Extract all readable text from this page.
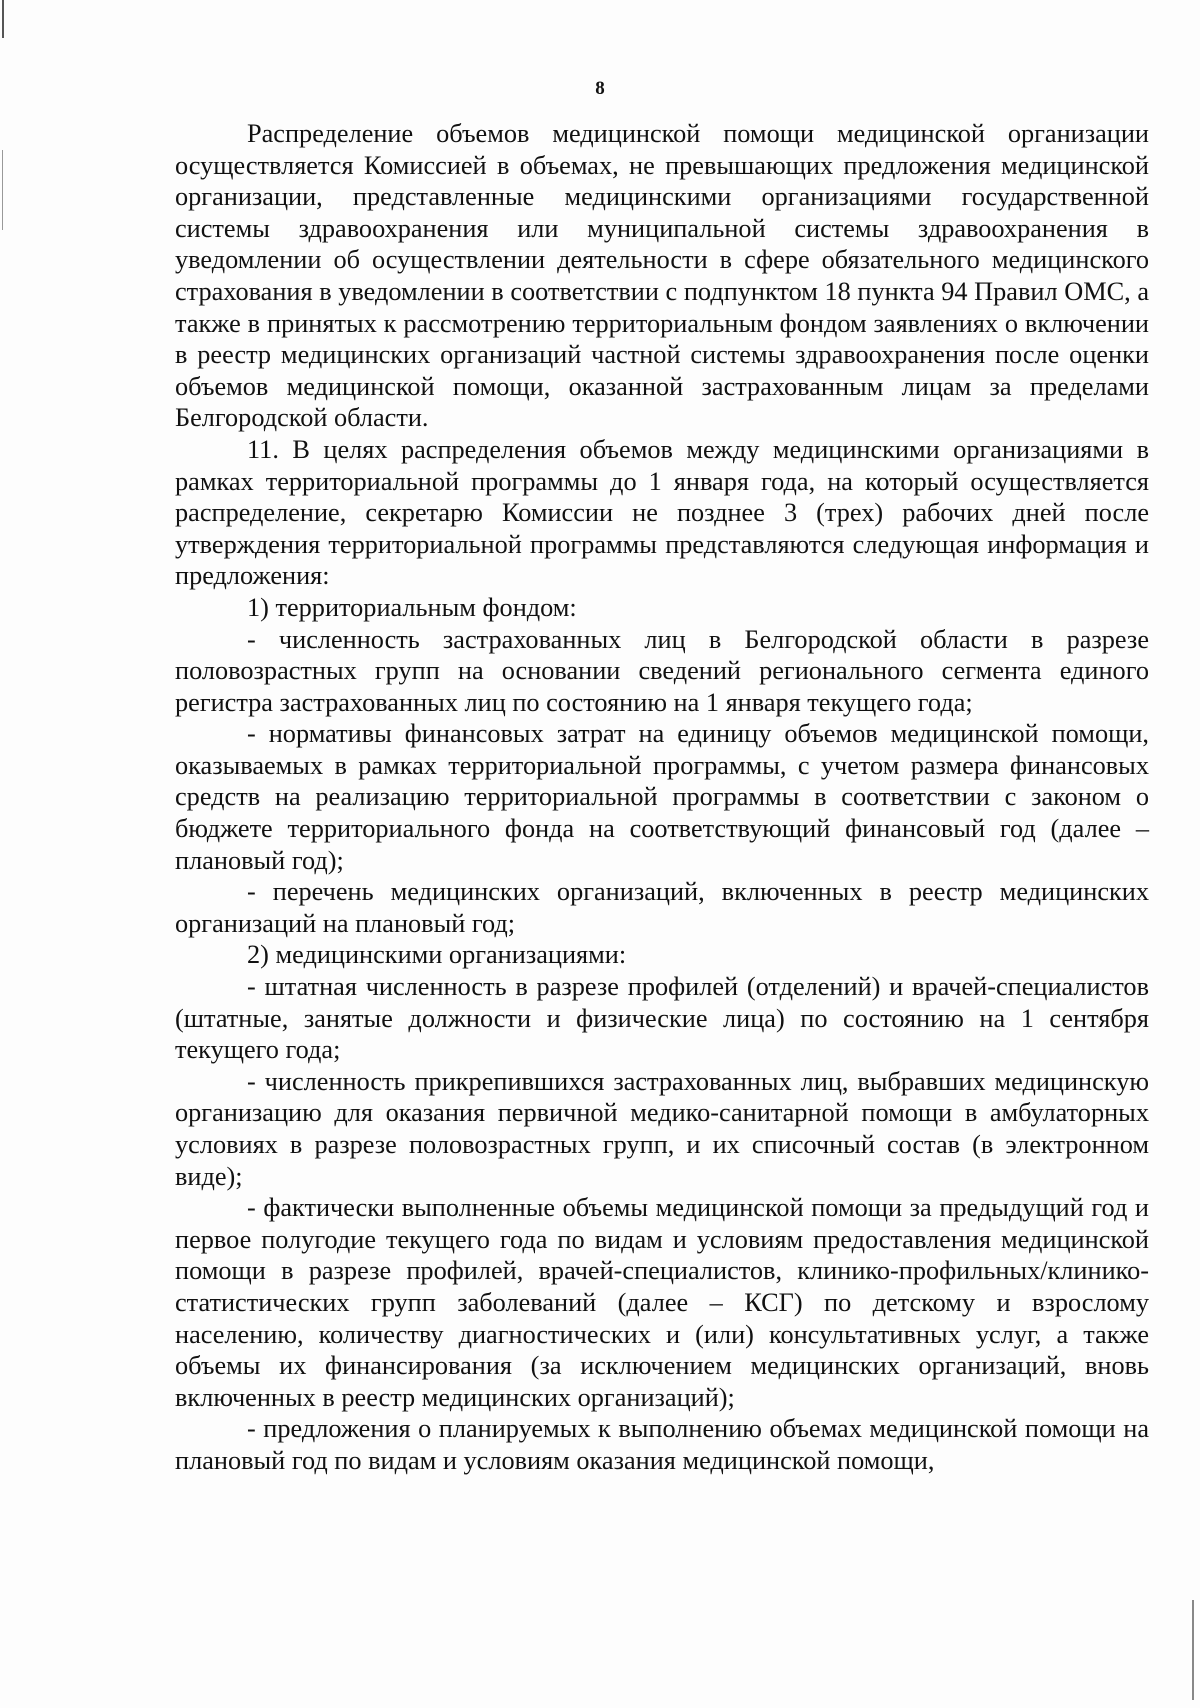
8

Распределение объемов медицинской помощи медицинской организации осуществляется Комиссией в объемах, не превышающих предложения медицинской организации, представленные медицинскими организациями государственной системы здравоохранения или муниципальной системы здравоохранения в уведомлении об осуществлении деятельности в сфере обязательного медицинского страхования в уведомлении в соответствии с подпунктом 18 пункта 94 Правил ОМС, а также в принятых к рассмотрению территориальным фондом заявлениях о включении в реестр медицинских организаций частной системы здравоохранения после оценки объемов медицинской помощи, оказанной застрахованным лицам за пределами Белгородской области.

11. В целях распределения объемов между медицинскими организациями в рамках территориальной программы до 1 января года, на который осуществляется распределение, секретарю Комиссии не позднее 3 (трех) рабочих дней после утверждения территориальной программы представляются следующая информация и предложения:

1) территориальным фондом:

- численность застрахованных лиц в Белгородской области в разрезе половозрастных групп на основании сведений регионального сегмента единого регистра застрахованных лиц по состоянию на 1 января текущего года;

- нормативы финансовых затрат на единицу объемов медицинской помощи, оказываемых в рамках территориальной программы, с учетом размера финансовых средств на реализацию территориальной программы в соответствии с законом о бюджете территориального фонда на соответствующий финансовый год (далее – плановый год);

- перечень медицинских организаций, включенных в реестр медицинских организаций на плановый год;

2) медицинскими организациями:

- штатная численность в разрезе профилей (отделений) и врачей-специалистов (штатные, занятые должности и физические лица) по состоянию на 1 сентября текущего года;

- численность прикрепившихся застрахованных лиц, выбравших медицинскую организацию для оказания первичной медико-санитарной помощи в амбулаторных условиях в разрезе половозрастных групп, и их списочный состав (в электронном виде);

- фактически выполненные объемы медицинской помощи за предыдущий год и первое полугодие текущего года по видам и условиям предоставления медицинской помощи в разрезе профилей, врачей-специалистов, клинико-профильных/клинико-статистических групп заболеваний (далее – КСГ) по детскому и взрослому населению, количеству диагностических и (или) консультативных услуг, а также объемы их финансирования (за исключением медицинских организаций, вновь включенных в реестр медицинских организаций);

- предложения о планируемых к выполнению объемах медицинской помощи на плановый год по видам и условиям оказания медицинской помощи,
